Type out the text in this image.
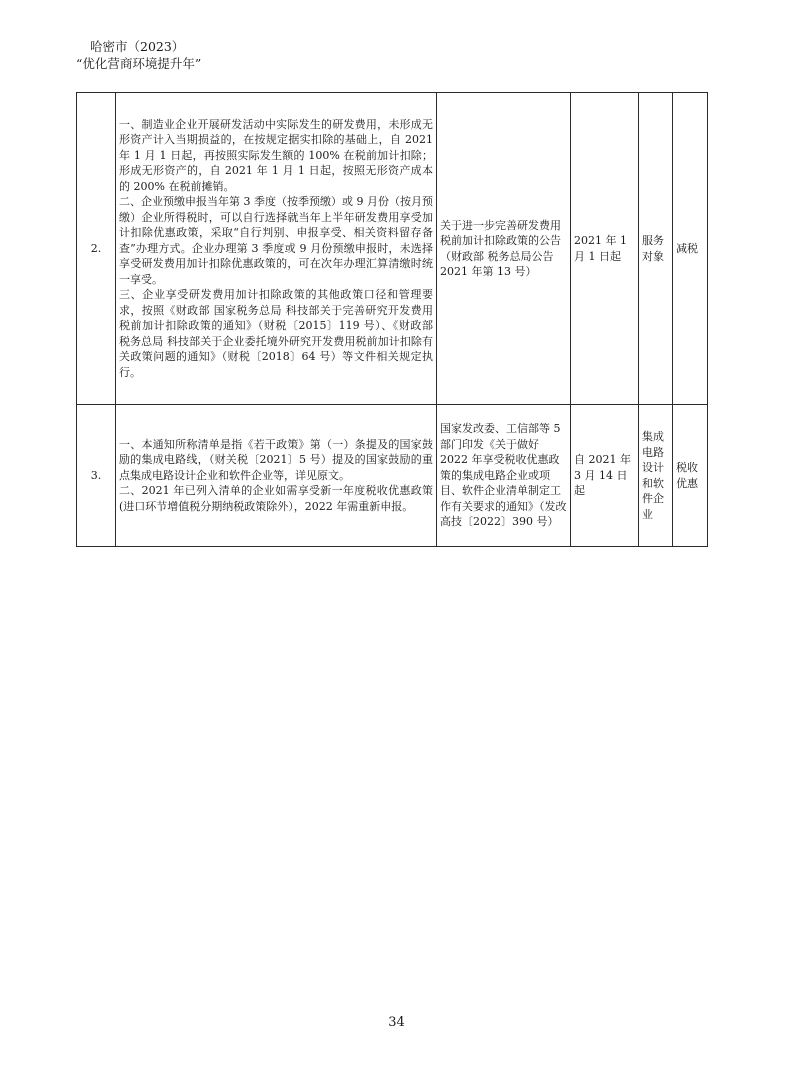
哈密市（2023）
“优化营商环境提升年”
2.	一、制造业企业开展研发活动中实际发生的研发费用，未形成无形资产计入当期损益的，在按规定据实扣除的基础上，自 2021 年 1 月 1 日起，再按照实际发生额的 100% 在税前加计扣除；形成无形资产的，自 2021 年 1 月 1 日起，按照无形资产成本的 200% 在税前摊销。

二、企业预缴申报当年第 3 季度（按季预缴）或 9 月份（按月预缴）企业所得税时，可以自行选择就当年上半年研发费用享受加计扣除优惠政策，采取“自行判别、申报享受、相关资料留存备查”办理方式。企业办理第 3 季度或 9 月份预缴申报时，未选择享受研发费用加计扣除优惠政策的，可在次年办理汇算清缴时统一享受。

三、企业享受研发费用加计扣除政策的其他政策口径和管理要求，按照《财政部 国家税务总局 科技部关于完善研究开发费用税前加计扣除政策的通知》（财税〔2015〕119 号）、《财政部 税务总局 科技部关于企业委托境外研究开发费用税前加计扣除有关政策问题的通知》（财税〔2018〕64 号）等文件相关规定执行。	关于进一步完善研发费用税前加计扣除政策的公告（财政部 税务总局公告 2021 年第 13 号）	2021 年 1 月 1 日起	服务对象	减税
3.	一、本通知所称清单是指《若干政策》第（一）条提及的国家鼓励的集成电路线，（财关税〔2021〕5 号）提及的国家鼓励的重点集成电路设计企业和软件企业等，详见原文。

二、2021 年已列入清单的企业如需享受新一年度税收优惠政策(进口环节增值税分期纳税政策除外），2022 年需重新申报。	国家发改委、工信部等 5 部门印发《关于做好 2022 年享受税收优惠政策的集成电路企业或项目、软件企业清单制定工作有关要求的通知》（发改高技〔2022〕390 号）	自 2021 年 3 月 14 日起	集成电路设计和软件企业	税收优惠
34
